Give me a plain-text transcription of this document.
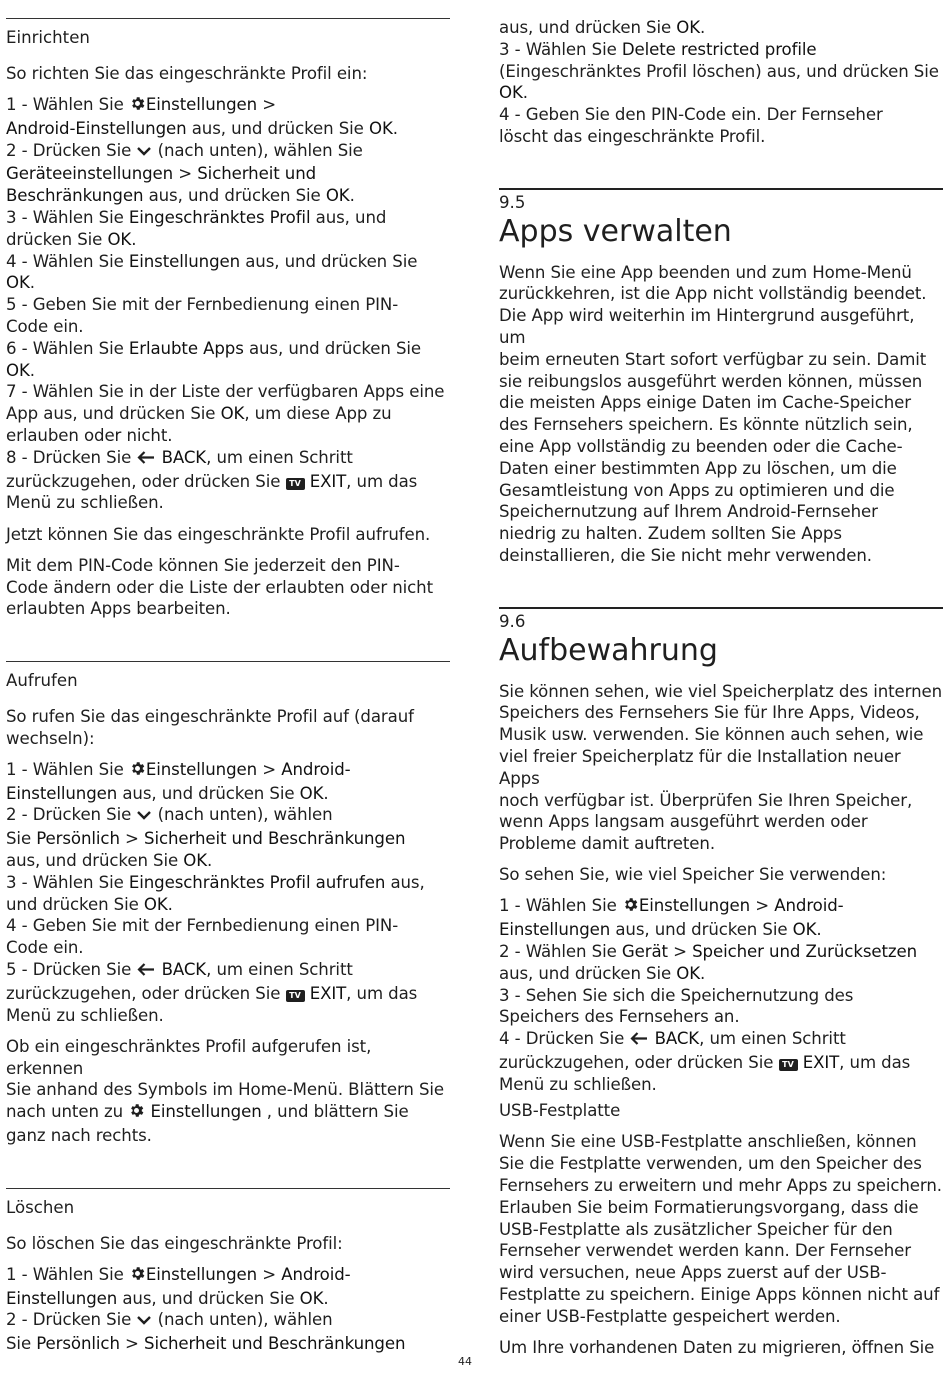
Einrichten

So richten Sie das eingeschränkte Profil ein:

1 - Wählen Sie Einstellungen >

Android-Einstellungen aus, und drücken Sie OK.

2 - Drücken Sie  (nach unten), wählen Sie

Geräteeinstellungen > Sicherheit und

Beschränkungen aus, und drücken Sie OK.

3 - Wählen Sie Eingeschränktes Profil aus, und

drücken Sie OK.

4 - Wählen Sie Einstellungen aus, und drücken Sie

OK.

5 - Geben Sie mit der Fernbedienung einen PIN-

Code ein.

6 - Wählen Sie Erlaubte Apps aus, und drücken Sie

OK.

7 - Wählen Sie in der Liste der verfügbaren Apps eine

App aus, und drücken Sie OK, um diese App zu

erlauben oder nicht.

8 - Drücken Sie  BACK, um einen Schritt

zurückzugehen, oder drücken Sie TV EXIT, um das

Menü zu schließen.

Jetzt können Sie das eingeschränkte Profil aufrufen.

Mit dem PIN-Code können Sie jederzeit den PIN-

Code ändern oder die Liste der erlaubten oder nicht

erlaubten Apps bearbeiten.

Aufrufen

So rufen Sie das eingeschränkte Profil auf (darauf

wechseln):

1 - Wählen Sie Einstellungen > Android-

Einstellungen aus, und drücken Sie OK.

2 - Drücken Sie  (nach unten), wählen

Sie Persönlich > Sicherheit und Beschränkungen

aus, und drücken Sie OK.

3 - Wählen Sie Eingeschränktes Profil aufrufen aus,

und drücken Sie OK.

4 - Geben Sie mit der Fernbedienung einen PIN-

Code ein.

5 - Drücken Sie  BACK, um einen Schritt

zurückzugehen, oder drücken Sie TV EXIT, um das

Menü zu schließen.

Ob ein eingeschränktes Profil aufgerufen ist, erkennen

Sie anhand des Symbols im Home-Menü. Blättern Sie

nach unten zu  Einstellungen , und blättern Sie

ganz nach rechts.

Löschen

So löschen Sie das eingeschränkte Profil:

1 - Wählen Sie Einstellungen > Android-

Einstellungen aus, und drücken Sie OK.

2 - Drücken Sie  (nach unten), wählen

Sie Persönlich > Sicherheit und Beschränkungen

aus, und drücken Sie OK.

3 - Wählen Sie Delete restricted profile

(Eingeschränktes Profil löschen) aus, und drücken Sie

OK.

4 - Geben Sie den PIN-Code ein. Der Fernseher

löscht das eingeschränkte Profil.

9.5

Apps verwalten

Wenn Sie eine App beenden und zum Home-Menü

zurückkehren, ist die App nicht vollständig beendet.

Die App wird weiterhin im Hintergrund ausgeführt, um

beim erneuten Start sofort verfügbar zu sein. Damit

sie reibungslos ausgeführt werden können, müssen

die meisten Apps einige Daten im Cache-Speicher

des Fernsehers speichern. Es könnte nützlich sein,

eine App vollständig zu beenden oder die Cache-

Daten einer bestimmten App zu löschen, um die

Gesamtleistung von Apps zu optimieren und die

Speichernutzung auf Ihrem Android-Fernseher

niedrig zu halten. Zudem sollten Sie Apps

deinstallieren, die Sie nicht mehr verwenden.

9.6

Aufbewahrung

Sie können sehen, wie viel Speicherplatz des internen

Speichers des Fernsehers Sie für Ihre Apps, Videos,

Musik usw. verwenden. Sie können auch sehen, wie

viel freier Speicherplatz für die Installation neuer Apps

noch verfügbar ist. Überprüfen Sie Ihren Speicher,

wenn Apps langsam ausgeführt werden oder

Probleme damit auftreten.

So sehen Sie, wie viel Speicher Sie verwenden:

1 - Wählen Sie Einstellungen > Android-

Einstellungen aus, und drücken Sie OK.

2 - Wählen Sie Gerät > Speicher und Zurücksetzen

aus, und drücken Sie OK.

3 - Sehen Sie sich die Speichernutzung des

Speichers des Fernsehers an.

4 - Drücken Sie  BACK, um einen Schritt

zurückzugehen, oder drücken Sie TV EXIT, um das

Menü zu schließen.

USB-Festplatte

Wenn Sie eine USB-Festplatte anschließen, können

Sie die Festplatte verwenden, um den Speicher des

Fernsehers zu erweitern und mehr Apps zu speichern.

Erlauben Sie beim Formatierungsvorgang, dass die

USB-Festplatte als zusätzlicher Speicher für den

Fernseher verwendet werden kann. Der Fernseher

wird versuchen, neue Apps zuerst auf der USB-

Festplatte zu speichern. Einige Apps können nicht auf

einer USB-Festplatte gespeichert werden.

Um Ihre vorhandenen Daten zu migrieren, öffnen Sie

44
